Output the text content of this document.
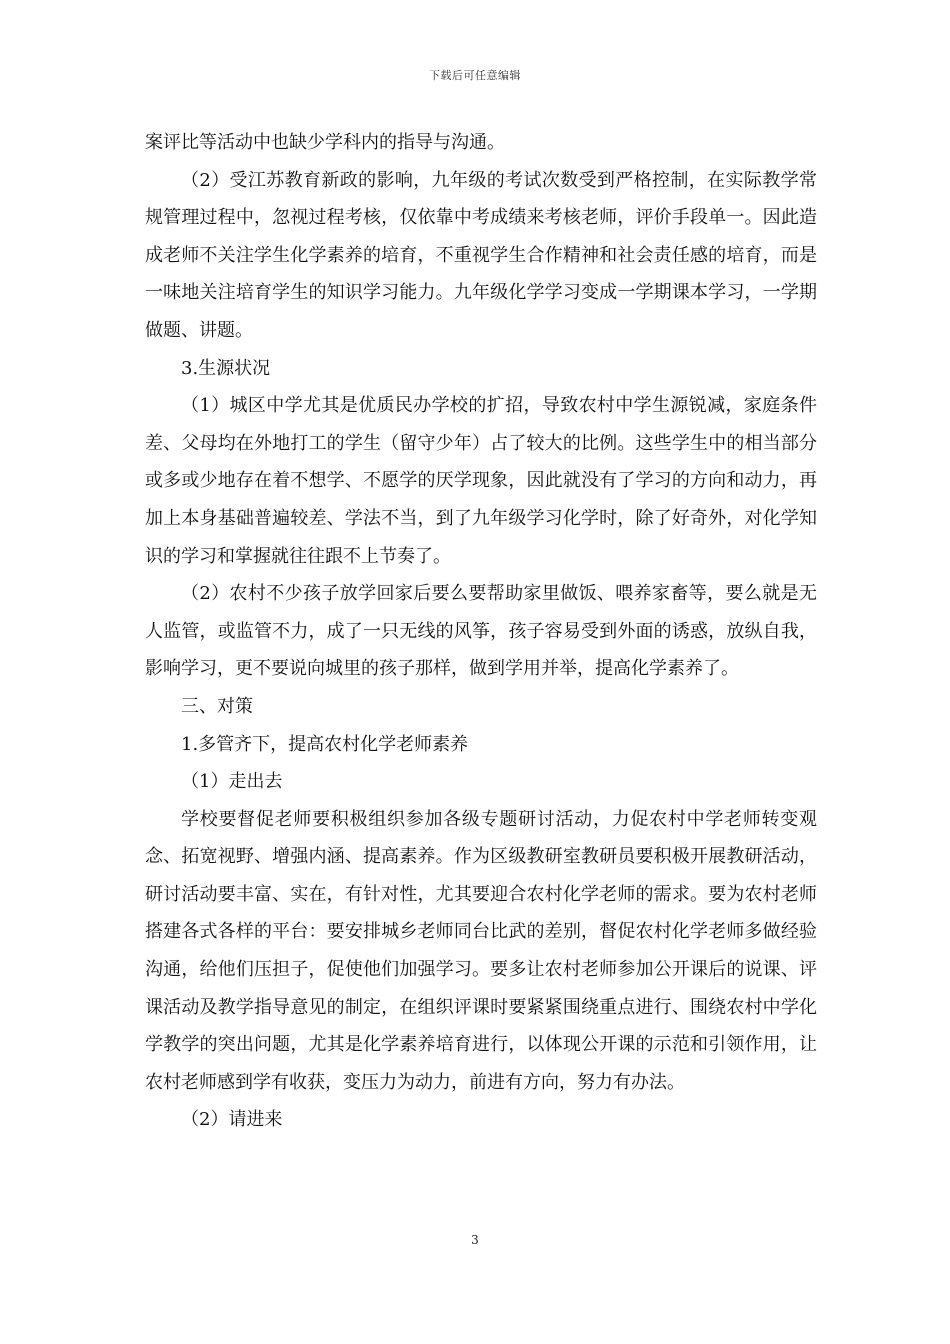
下载后可任意编辑

案评比等活动中也缺少学科内的指导与沟通。

（2）受江苏教育新政的影响，九年级的考试次数受到严格控制，在实际教学常规管理过程中，忽视过程考核，仅依靠中考成绩来考核老师，评价手段单一。因此造成老师不关注学生化学素养的培育，不重视学生合作精神和社会责任感的培育，而是一味地关注培育学生的知识学习能力。九年级化学学习变成一学期课本学习，一学期做题、讲题。

3.生源状况

（1）城区中学尤其是优质民办学校的扩招，导致农村中学生源锐减，家庭条件差、父母均在外地打工的学生（留守少年）占了较大的比例。这些学生中的相当部分或多或少地存在着不想学、不愿学的厌学现象，因此就没有了学习的方向和动力，再加上本身基础普遍较差、学法不当，到了九年级学习化学时，除了好奇外，对化学知识的学习和掌握就往往跟不上节奏了。

（2）农村不少孩子放学回家后要么要帮助家里做饭、喂养家畜等，要么就是无人监管，或监管不力，成了一只无线的风筝，孩子容易受到外面的诱惑，放纵自我，影响学习，更不要说向城里的孩子那样，做到学用并举，提高化学素养了。

三、对策

1.多管齐下，提高农村化学老师素养

（1）走出去

学校要督促老师要积极组织参加各级专题研讨活动，力促农村中学老师转变观念、拓宽视野、增强内涵、提高素养。作为区级教研室教研员要积极开展教研活动，研讨活动要丰富、实在，有针对性，尤其要迎合农村化学老师的需求。要为农村老师搭建各式各样的平台：要安排城乡老师同台比武的差别，督促农村化学老师多做经验沟通，给他们压担子，促使他们加强学习。要多让农村老师参加公开课后的说课、评课活动及教学指导意见的制定，在组织评课时要紧紧围绕重点进行、围绕农村中学化学教学的突出问题，尤其是化学素养培育进行，以体现公开课的示范和引领作用，让农村老师感到学有收获，变压力为动力，前进有方向，努力有办法。

（2）请进来

3
